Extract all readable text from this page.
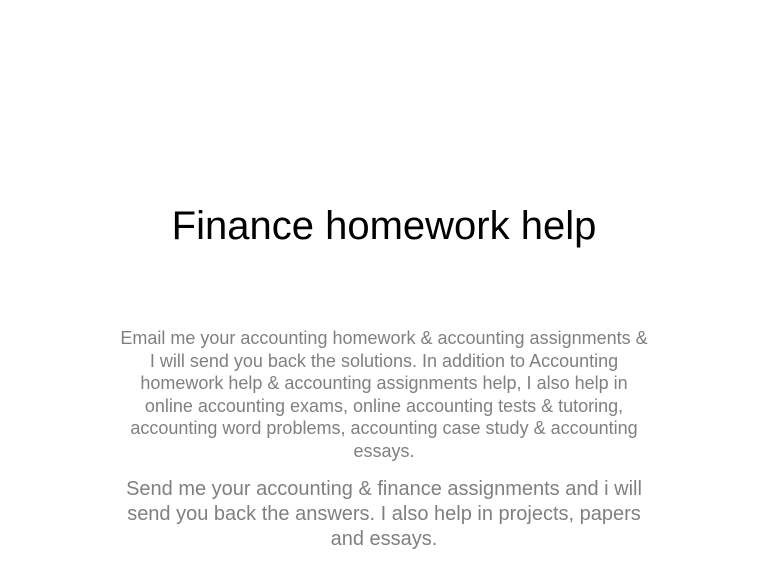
Finance homework help

Email me your accounting homework & accounting assignments & I will send you back the solutions. In addition to Accounting homework help & accounting assignments help, I also help in online accounting exams, online accounting tests & tutoring, accounting word problems, accounting case study & accounting essays.

Send me your accounting & finance assignments and i will send you back the answers. I also help in projects, papers and essays.
